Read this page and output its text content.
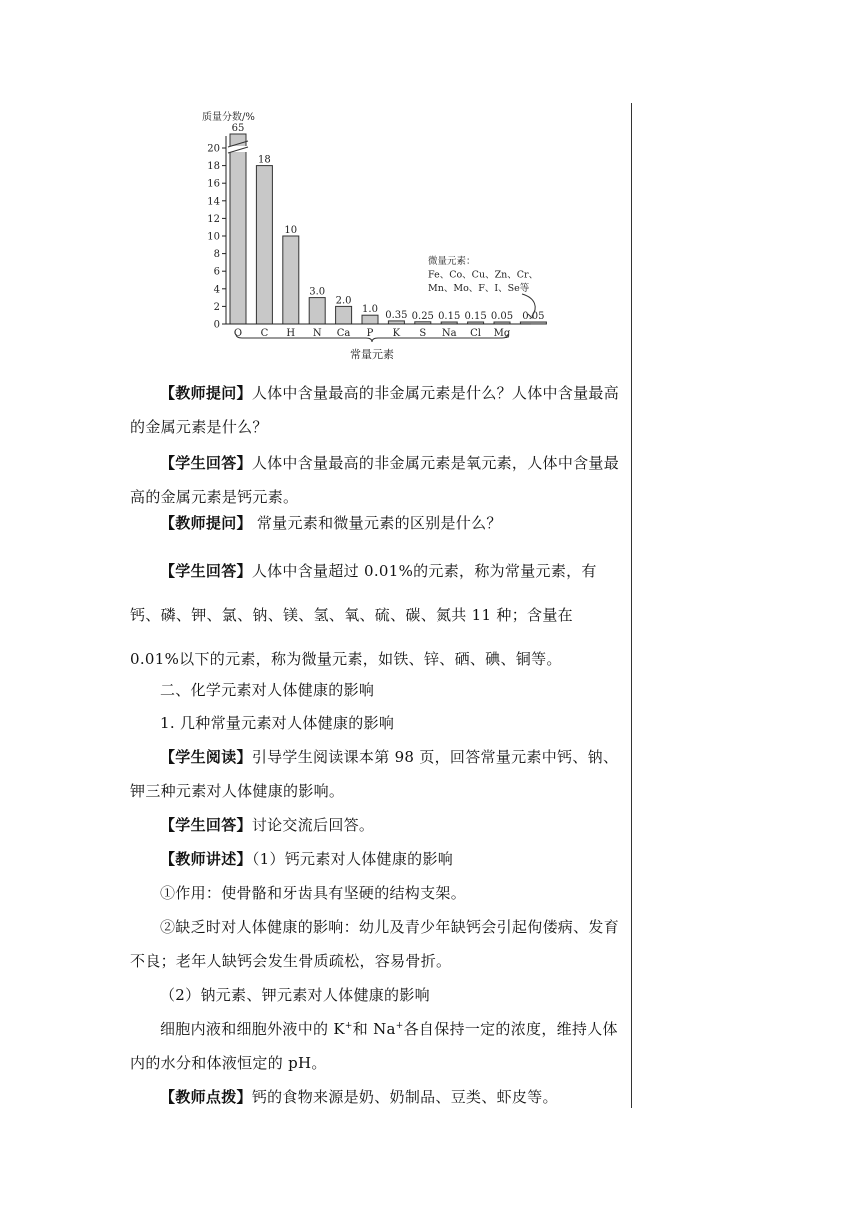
质量分数/%
0
2
4
6
8
10
12
14
16
18
20
65
O
18
C
10
H
3.0
N
2.0
Ca
1.0
P
0.35
K
0.25
S
0.15
Na
0.15
Cl
0.05
Mg
0.05
常量元素
微量元素：
Fe、Co、Cu、Zn、Cr、
Mn、Mo、F、I、Se等
【教师提问】人体中含量最高的非金属元素是什么？人体中含量最高的金属元素是什么？
【学生回答】人体中含量最高的非金属元素是氧元素，人体中含量最高的金属元素是钙元素。
【教师提问】 常量元素和微量元素的区别是什么？
【学生回答】人体中含量超过 0.01%的元素，称为常量元素，有钙、磷、钾、氯、钠、镁、氢、氧、硫、碳、氮共 11 种；含量在 0.01%以下的元素，称为微量元素，如铁、锌、硒、碘、铜等。
二、化学元素对人体健康的影响
1. 几种常量元素对人体健康的影响
【学生阅读】引导学生阅读课本第 98 页，回答常量元素中钙、钠、钾三种元素对人体健康的影响。
【学生回答】讨论交流后回答。
【教师讲述】（1）钙元素对人体健康的影响
①作用：使骨骼和牙齿具有坚硬的结构支架。
②缺乏时对人体健康的影响：幼儿及青少年缺钙会引起佝偻病、发育不良；老年人缺钙会发生骨质疏松，容易骨折。
（2）钠元素、钾元素对人体健康的影响
细胞内液和细胞外液中的 K+和 Na+各自保持一定的浓度，维持人体内的水分和体液恒定的 pH。
【教师点拨】钙的食物来源是奶、奶制品、豆类、虾皮等。
